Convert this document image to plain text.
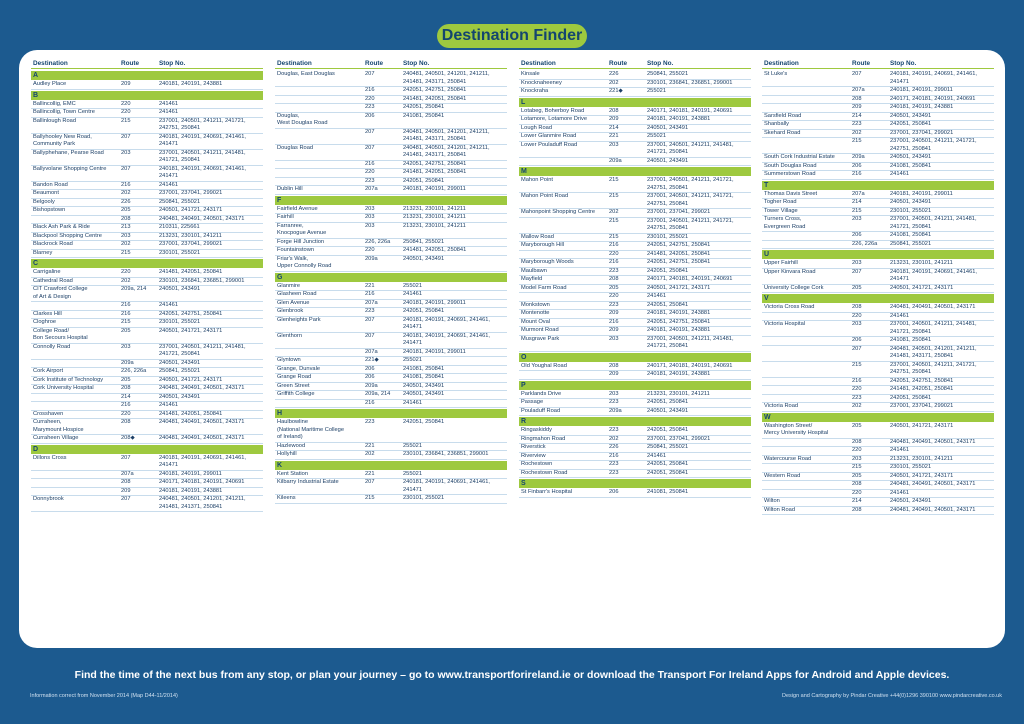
Destination Finder
Destination	Route	Stop No.
A
Audley Place	209	240181, 240191, 243881
B
Ballincollig, EMC	220	241461
Ballincollig, Town Centre	220	241461
Ballinlough Road	215	237001, 240501, 241211, 241721,
242751, 250841
Ballyhooley New Road,
Community Park
207	240181, 240191, 240691, 241461,
241471
Ballyphehane, Pearse Road	203	237001, 240501, 241211, 241481,
241721, 250841
Ballyvolane Shopping Centre	207	240181, 240191, 240691, 241461,
241471
Bandon Road	216	241461
Beaumont	202	237001, 237041, 299021
Belgooly	226	250841, 255021
Bishopstown	205	240501, 241721, 243171
208	240481, 240491, 240501, 243171
Black Ash Park & Ride	213	210311, 225661
Blackpool Shopping Centre	203	213231, 230101, 241211
Blackrock Road	202	237001, 237041, 299021
Blarney	215	230101, 255021
C
Carrigaline	220	241481, 242051, 250841
Cathedral Road	202	230101, 236841, 236851, 299001
CIT Crawford College
of Art & Design
209a, 214	240501, 243491
216	241461
Clarkes Hill	216	242051, 242751, 250841
Cloghroe	215	230101, 255021
College Road/
Bon Secours Hospital
205	240501, 241721, 243171
Connolly Road	203	237001, 240501, 241211, 241481,
241721, 250841
209a	240501, 243491
Cork Airport	226, 226a	250841, 255021
Cork Institute of Technology	205	240501, 241721, 243171
Cork University Hospital	208	240481, 240491, 240501, 243171
214	240501, 243491
216	241461
Crosshaven	220	241481, 242051, 250841
Curraheen,
Marymount Hospice
208	240481, 240491, 240501, 243171
Curraheen Village	208◆	240481, 240491, 240501, 243171
D
Dillons Cross	207	240181, 240191, 240691, 241461,
241471
207a	240181, 240191, 299011
208	240171, 240181, 240191, 240691
209	240181, 240191, 243881
Donnybrook	207	240481, 240501, 241201, 241211,
241481, 241371, 250841
Destination	Route	Stop No.
Douglas, East Douglas	207	240481, 240501, 241201, 241211,
241481, 243171, 250841
216	242051, 242751, 250841
220	241481, 242051, 250841
223	242051, 250841
Douglas,
West Douglas Road
206	241081, 250841
207	240481, 240501, 241201, 241211,
241481, 243171, 250841
Douglas Road	207	240481, 240501, 241201, 241211,
241481, 243171, 250841
216	242051, 242751, 250841
220	241481, 242051, 250841
223	242051, 250841
Dublin Hill	207a	240181, 240191, 299011
F
Fairfield Avenue	203	213231, 230101, 241211
Fairhill	203	213231, 230101, 241211
Farranree,
Knocpogue Avenue
203	213231, 230101, 241211
Forge Hill Junction	226, 226a	250841, 255021
Fountainstown	220	241481, 242051, 250841
Friar's Walk,
Upper Connolly Road
209a	240501, 243491
G
Glanmire	221	255021
Glasheen Road	216	241461
Glen Avenue	207a	240181, 240191, 299011
Glenbrook	223	242051, 250841
Glenheights Park	207	240181, 240191, 240691, 241461,
241471
Glenthorn	207	240181, 240191, 240691, 241461,
241471
207a	240181, 240191, 299011
Glyntown	221◆	255021
Grange, Dunvale	206	241081, 250841
Grange Road	206	241081, 250841
Green Street	209a	240501, 243491
Griffith College	209a, 214	240501, 243491
216	241461
H
Haulbowline
(National Maritime College
of Ireland)
223	242051, 250841
Hazlewood	221	255021
Hollyhill	202	230101, 236841, 236851, 299001
K
Kent Station	221	255021
Kilbarry Industrial Estate	207	240181, 240191, 240691, 241461,
241471
Kileens	215	230101, 255021
Destination	Route	Stop No.
Kinsale	226	250841, 255021
Knocknaheeney	202	230101, 236841, 236851, 299001
Knockraha	221◆	255021
L
Lotabeg, Boherboy Road	208	240171, 240181, 240191, 240691
Lotamore, Lotamore Drive	209	240181, 240191, 243881
Lough Road	214	240501, 243491
Lower Glanmire Road	221	255021
Lower Pouladuff Road	203	237001, 240501, 241211, 241481,
241721, 250841
209a	240501, 243491
M
Mahon Point	215	237001, 240501, 241211, 241721,
242751, 250841
Mahon Point Road	215	237001, 240501, 241211, 241721,
242751, 250841
Mahonpoint Shopping Centre	202	237001, 237041, 299021
215	237001, 240501, 241211, 241721,
242751, 250841
Mallow Road	215	230101, 255021
Maryborough Hill	216	242051, 242751, 250841
220	241481, 242051, 250841
Maryborough Woods	216	242051, 242751, 250841
Maulbawn	223	242051, 250841
Mayfield	208	240171, 240181, 240191, 240691
Model Farm Road	205	240501, 241721, 243171
220	241461
Monkstown	223	242051, 250841
Montenotte	209	240181, 240191, 243881
Mount Oval	216	242051, 242751, 250841
Murmont Road	209	240181, 240191, 243881
Musgrave Park	203	237001, 240501, 241211, 241481,
241721, 250841
O
Old Youghal Road	208	240171, 240181, 240191, 240691
209	240181, 240191, 243881
P
Parklands Drive	203	213231, 230101, 241211
Passage	223	242051, 250841
Pouladuff Road	209a	240501, 243491
R
Ringaskiddy	223	242051, 250841
Ringmahon Road	202	237001, 237041, 299021
Riverstick	226	250841, 255021
Riverview	216	241461
Rochestown	223	242051, 250841
Rochestown Road	223	242051, 250841
S
St Finbarr's Hospital	206	241081, 250841
Destination	Route	Stop No.
St Luke's	207	240181, 240191, 240691, 241461,
241471
207a	240181, 240191, 299011
208	240171, 240181, 240191, 240691
209	240181, 240191, 243881
Sarsfield Road	214	240501, 243491
Shanbally	223	242051, 250841
Skehard Road	202	237001, 237041, 299021
215	237001, 240501, 241211, 241721,
242751, 250841
South Cork Industrial Estate	209a	240501, 243491
South Douglas Road	206	241081, 250841
Summerstown Road	216	241461
T
Thomas Davis Street	207a	240181, 240191, 299011
Togher Road	214	240501, 243491
Tower Village	215	230101, 255021
Turners Cross,
Evergreen Road
203	237001, 240501, 241211, 241481,
241721, 250841
206	241081, 250841
226, 226a	250841, 255021
U
Upper Fairhill	203	213231, 230101, 241211
Upper Kinvara Road	207	240181, 240191, 240691, 241461,
241471
University College Cork	205	240501, 241721, 243171
V
Victoria Cross Road	208	240481, 240491, 240501, 243171
220	241461
Victoria Hospital	203	237001, 240501, 241211, 241481,
241721, 250841
206	241081, 250841
207	240481, 240501, 241201, 241211,
241481, 243171, 250841
215	237001, 240501, 241211, 241721,
242751, 250841
216	242051, 242751, 250841
220	241481, 242051, 250841
223	242051, 250841
Victoria Road	202	237001, 237041, 299021
W
Washington Street/
Mercy University Hospital
205	240501, 241721, 243171
208	240481, 240491, 240501, 243171
220	241461
Watercourse Road	203	213231, 230101, 241211
215	230101, 255021
Western Road	205	240501, 241721, 243171
208	240481, 240491, 240501, 243171
220	241461
Wilton	214	240501, 243491
Wilton Road	208	240481, 240491, 240501, 243171
Find the time of the next bus from any stop, or plan your journey – go to www.transportforireland.ie or download the Transport For Ireland Apps for Android and Apple devices.
Information correct from November 2014 (Map D44-11/2014)	Design and Cartography by Pindar Creative +44(0)1296 390100 www.pindarcreative.co.uk
